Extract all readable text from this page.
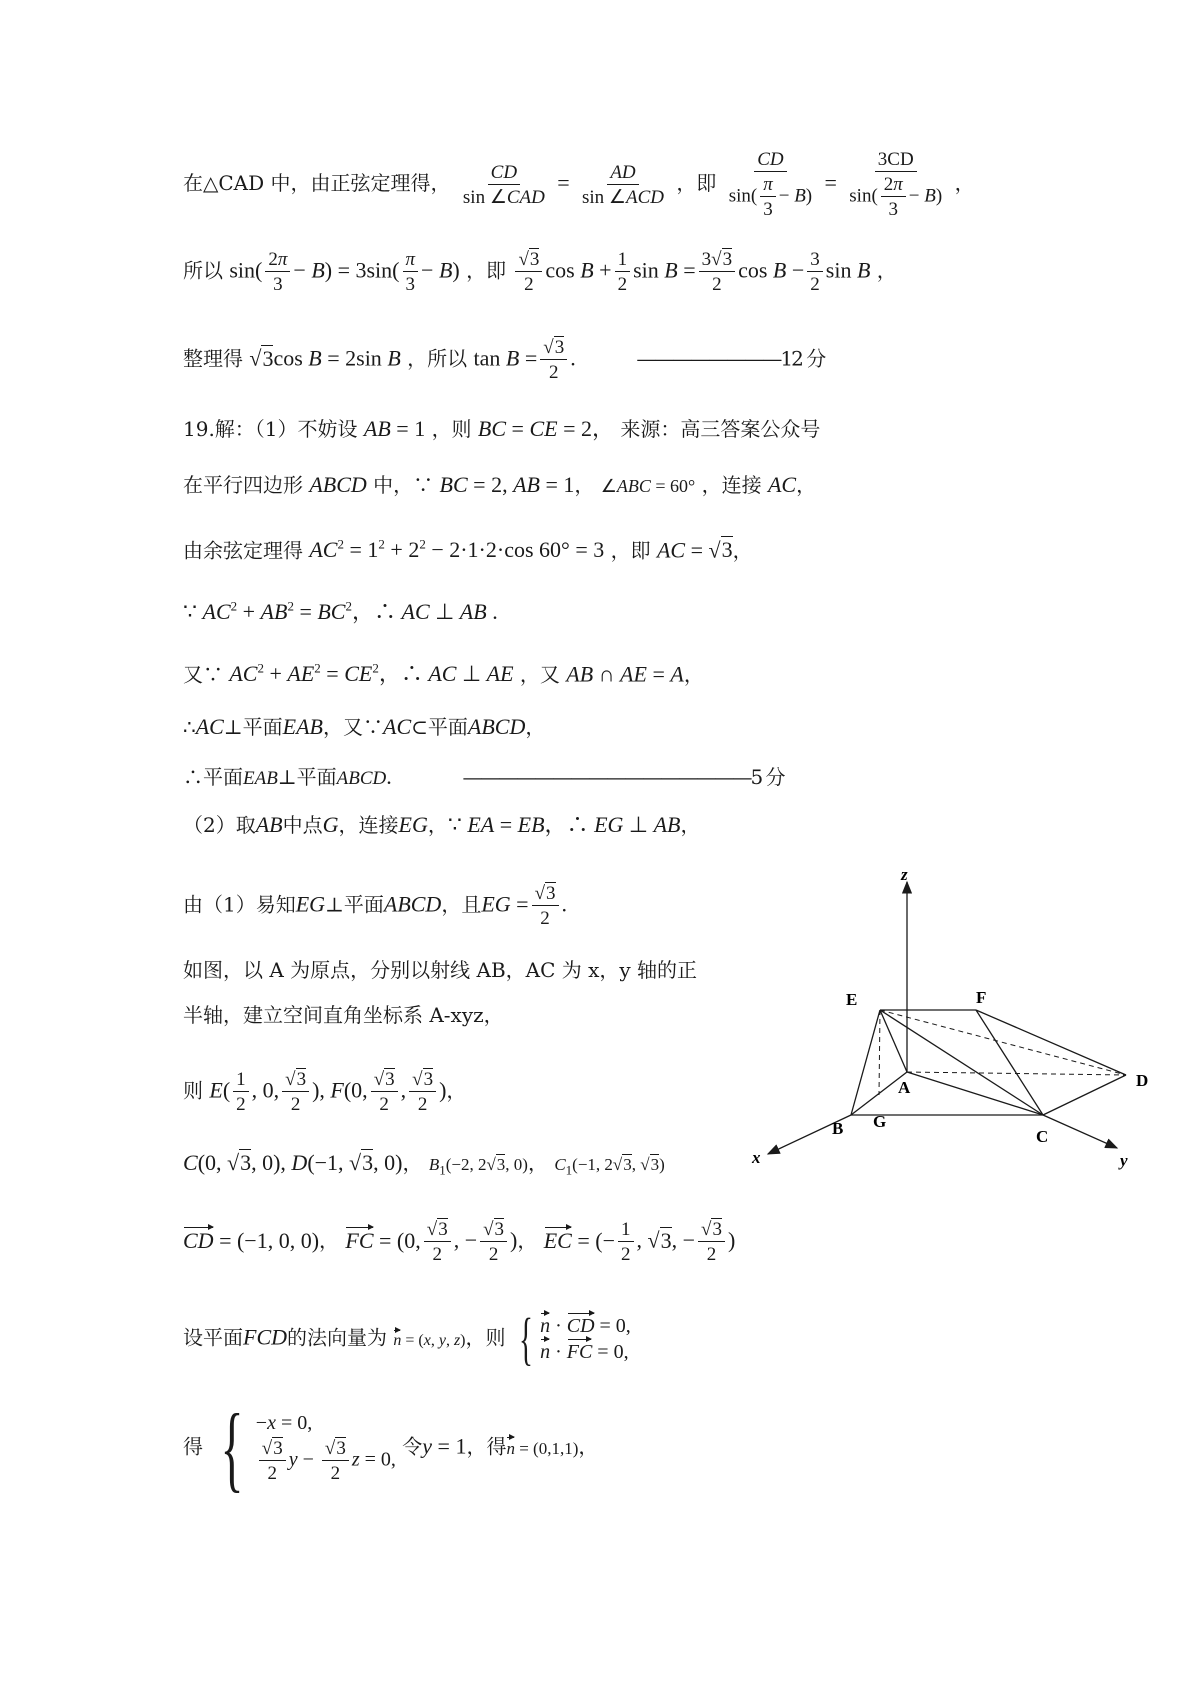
在△CAD 中，由正弦定理得， $\frac{CD}{\text{sin ∠CAD}} = \frac{AD}{\text{sin ∠ACD}}$ ，即 $\frac{CD}{\sin( \frac{\pi}{3} - B)} = \frac{3CD}{\sin( \frac{2\pi}{3} - B)}$ ，
所以 $\sin( \frac{2\pi}{3} - B) = 3\sin( \frac{\pi}{3} - B)$ ，即 $\frac{√3}{2}$ $\cos B + \frac{1}{2}$ $\sin B = \frac{3√3}{2}$ $\cos B - \frac{3}{2}$ sin B ，
整理得 √3cos B = 2sin B ，所以 $\tan B = \frac{√3}{2}$ .	————————12 分
19.解：（1）不妨设 AB = 1 ，则 BC = CE = 2， 来源：高三答案公众号
在平行四边形 ABCD 中，∵ BC = 2, AB = 1， ∠ABC = 60° ，连接 AC，
由余弦定理得 $AC^2 = 1^2 + 2^2 - 2\cdot 1\cdot 2\cdot\cos$ 60° = 3 ，即 AC = √3，
∵ $AC^2 + AB^2 = BC^2$，∴ AC ⊥ AB .
又∵ $AC^2 + AE^2 = CE^2$，∴ AC ⊥ AE ，又 AB ∩ AE = A，
∴AC⊥平面EAB，又∵AC⊂平面ABCD，
∴平面EAB⊥平面ABCD.	————————————————5 分
（2）取AB中点G，连接EG，∵ EA = EB，∴ EG ⊥ AB，
由（1）易知EG⊥平面ABCD，且EG = $\frac{√3}{2}$ .
如图，以 A 为原点，分别以射线 AB，AC 为 x，y 轴的正
半轴，建立空间直角坐标系 A-xyz，
则 $E( \frac{1}{2}$ , 0, $\frac{√3}{2}$ ), F(0, $\frac{√3}{2}$ , $\frac{√3}{2}$ )，
C(0, √3, 0), D(−1, √3, 0)， $B_1(-2$, 2√3, 0)， $C_1(-1$, 2√3, √3)
CD = (−1, 0, 0)， FC = (0, $\frac{√3}{2}$ , − $\frac{√3}{2}$ )， EC = (− $\frac{1}{2}$ , √3, − $\frac{√3}{2}$ )
设平面FCD的法向量为 n = (x, y, z)，则 { n · CD = 0,
n · FC = 0,
得 { −x = 0,
$\frac{√3}{2}$ $y - \frac{√3}{2}$ z = 0,
令y = 1，得n = (0,1,1)，
E	F
D
A
G
B	C
x	y
z
